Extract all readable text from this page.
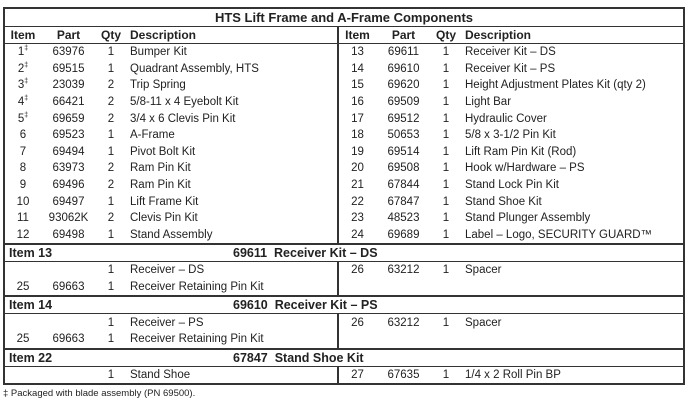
HTS Lift Frame and A-Frame Components							
Item	Part	Qty	Description	Item	Part	Qty	Description
1‡	63976	1	Bumper Kit	13	69611	1	Receiver Kit – DS
2‡	69515	1	Quadrant Assembly, HTS	14	69610	1	Receiver Kit – PS
3‡	23039	2	Trip Spring	15	69620	1	Height Adjustment Plates Kit (qty 2)
4‡	66421	2	5/8-11 x 4 Eyebolt Kit	16	69509	1	Light Bar
5‡	69659	2	3/4 x 6 Clevis Pin Kit	17	69512	1	Hydraulic Cover
6	69523	1	A-Frame	18	50653	1	5/8 x 3-1/2 Pin Kit
7	69494	1	Pivot Bolt Kit	19	69514	1	Lift Ram Pin Kit (Rod)
8	63973	2	Ram Pin Kit	20	69508	1	Hook w/Hardware – PS
9	69496	2	Ram Pin Kit	21	67844	1	Stand Lock Pin Kit
10	69497	1	Lift Frame Kit	22	67847	1	Stand Shoe Kit
11	93062K	2	Clevis Pin Kit	23	48523	1	Stand Plunger Assembly
12	69498	1	Stand Assembly	24	69689	1	Label – Logo, SECURITY GUARD™
Item 13		69611  Receiver Kit – DS					
		1	Receiver – DS	26	63212	1	Spacer
25	69663	1	Receiver Retaining Pin Kit				
Item 14		69610  Receiver Kit – PS					
		1	Receiver – PS	26	63212	1	Spacer
25	69663	1	Receiver Retaining Pin Kit				
Item 22		67847  Stand Shoe Kit					
		1	Stand Shoe	27	67635	1	1/4 x 2 Roll Pin BP
‡ Packaged with blade assembly (PN 69500).
